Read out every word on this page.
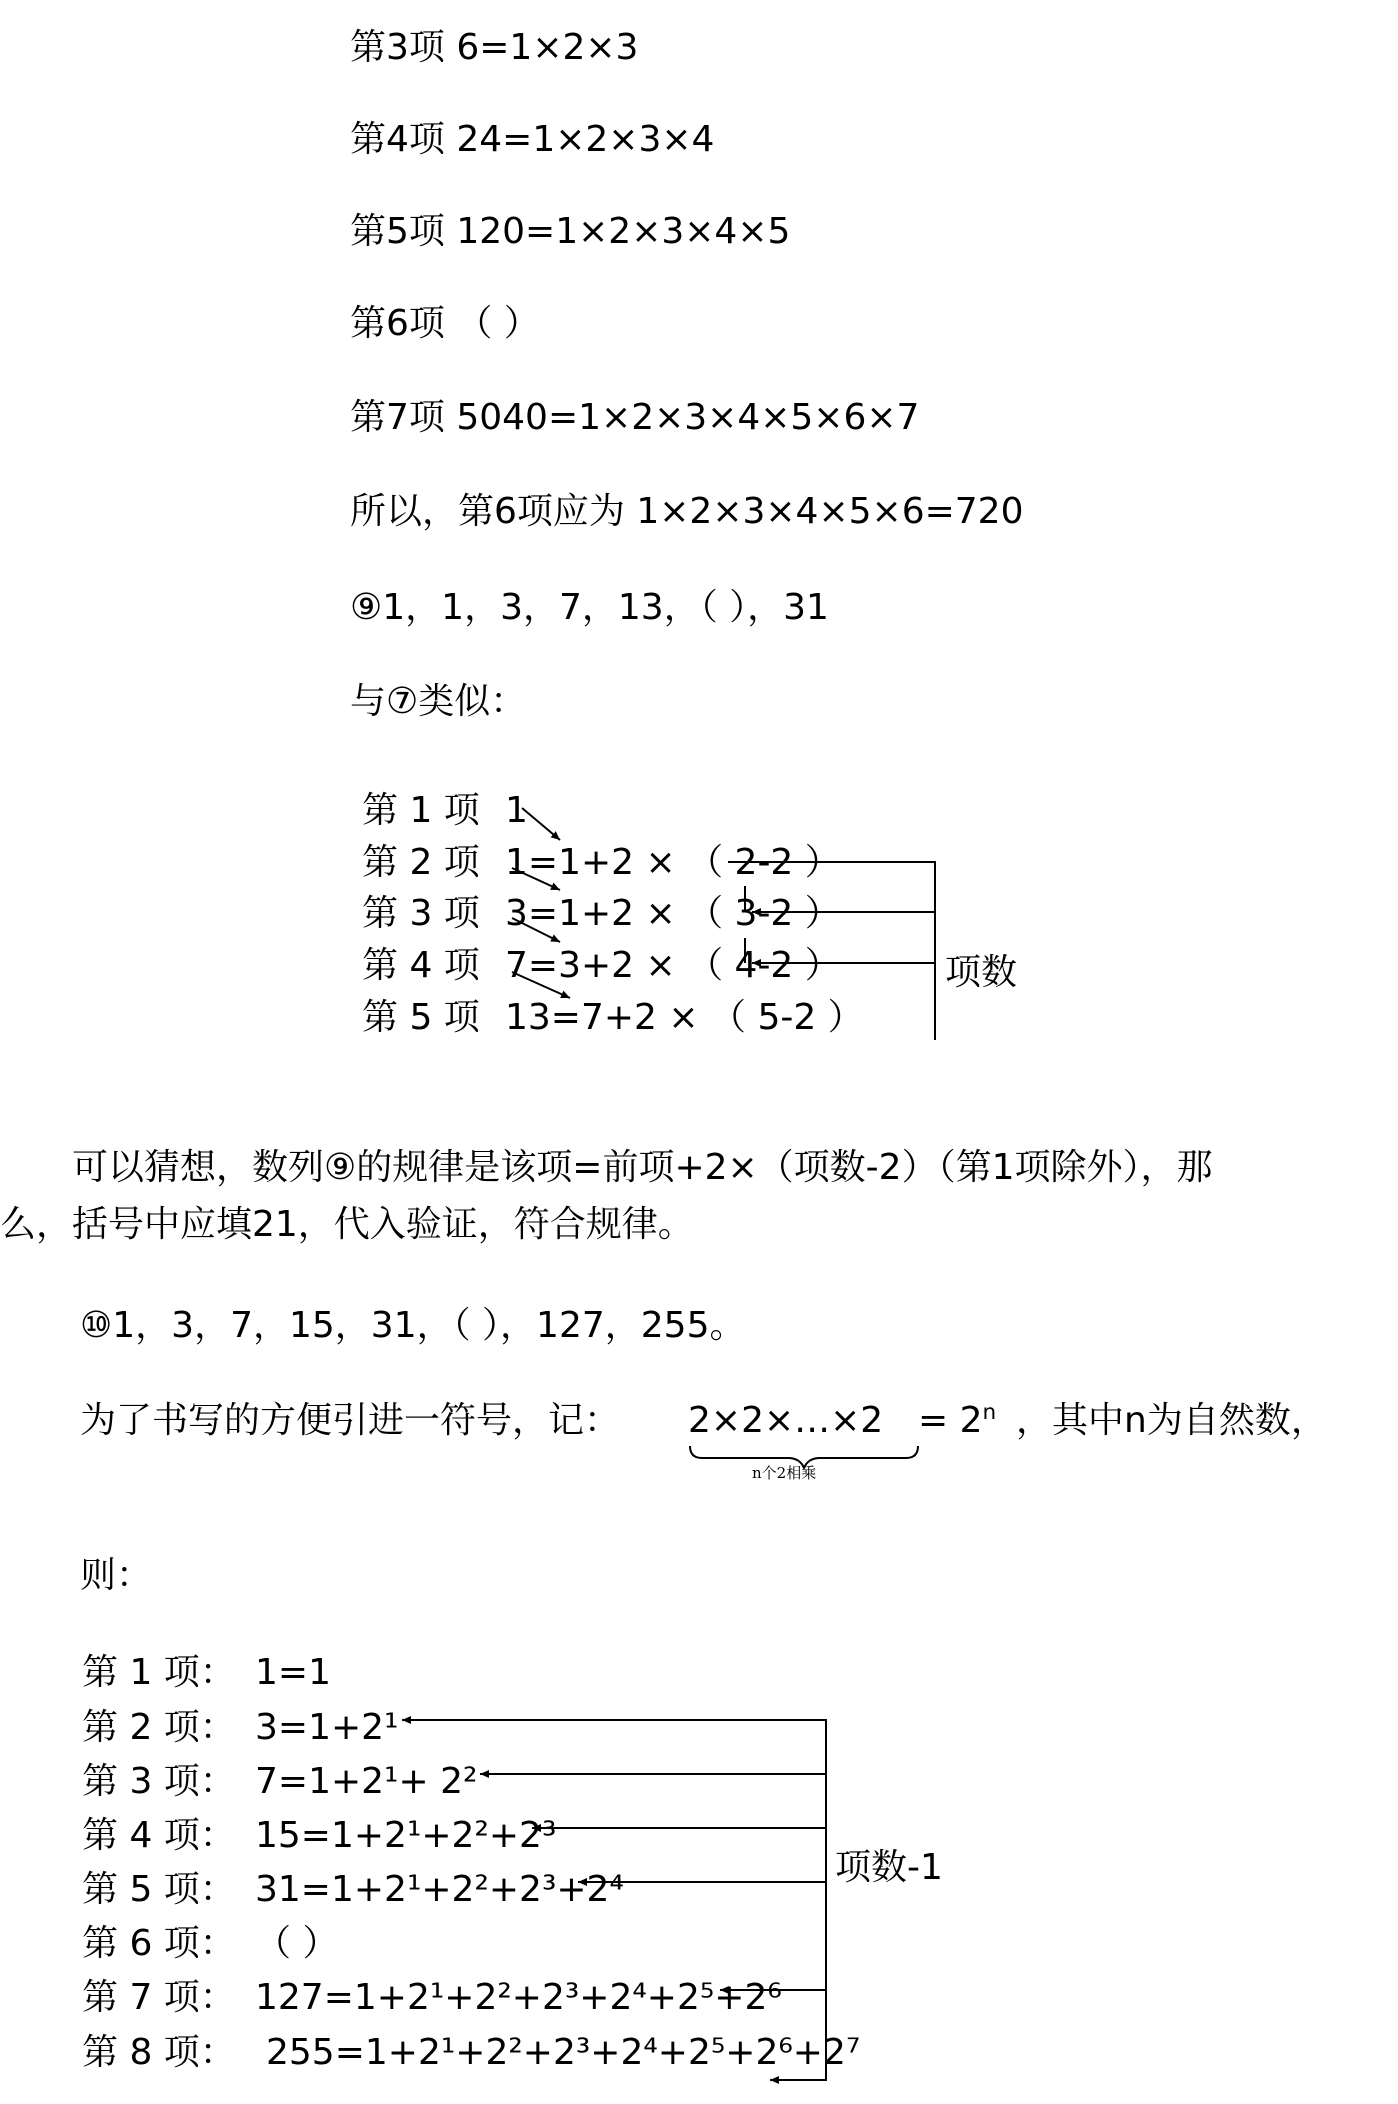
第3项 6=1×2×3
第4项 24=1×2×3×4
第5项 120=1×2×3×4×5
第6项 （ ）
第7项 5040=1×2×3×4×5×6×7
所以，第6项应为 1×2×3×4×5×6=720
⑨1，1，3，7，13，（ ），31
与⑦类似：
第 1 项 1
第 2 项 1=1+2 × （ 2-2 ）
第 3 项 3=1+2 × （ 3-2 ）
第 4 项 7=3+2 × （ 4-2 ）
第 5 项 13=7+2 × （ 5-2 ）
项数
可以猜想，数列⑨的规律是该项=前项+2×（项数-2）（第1项除外），那
么，括号中应填21，代入验证，符合规律。
⑩1，3，7，15，31，（ ），127，255。
为了书写的方便引进一符号，记： 2×2×…×2 = $2^n$ ，其中n为自然数，
n个2相乘
则：
第 1 项： 1=1
第 2 项： 3=1+2¹
第 3 项： 7=1+2¹+ 2²
第 4 项： 15=1+2¹+2²+2³
第 5 项： 31=1+2¹+2²+2³+2⁴
第 6 项： （ ）
第 7 项： 127=1+2¹+2²+2³+2⁴+2⁵+2⁶
第 8 项： 255=1+2¹+2²+2³+2⁴+2⁵+2⁶+2⁷
项数-1
